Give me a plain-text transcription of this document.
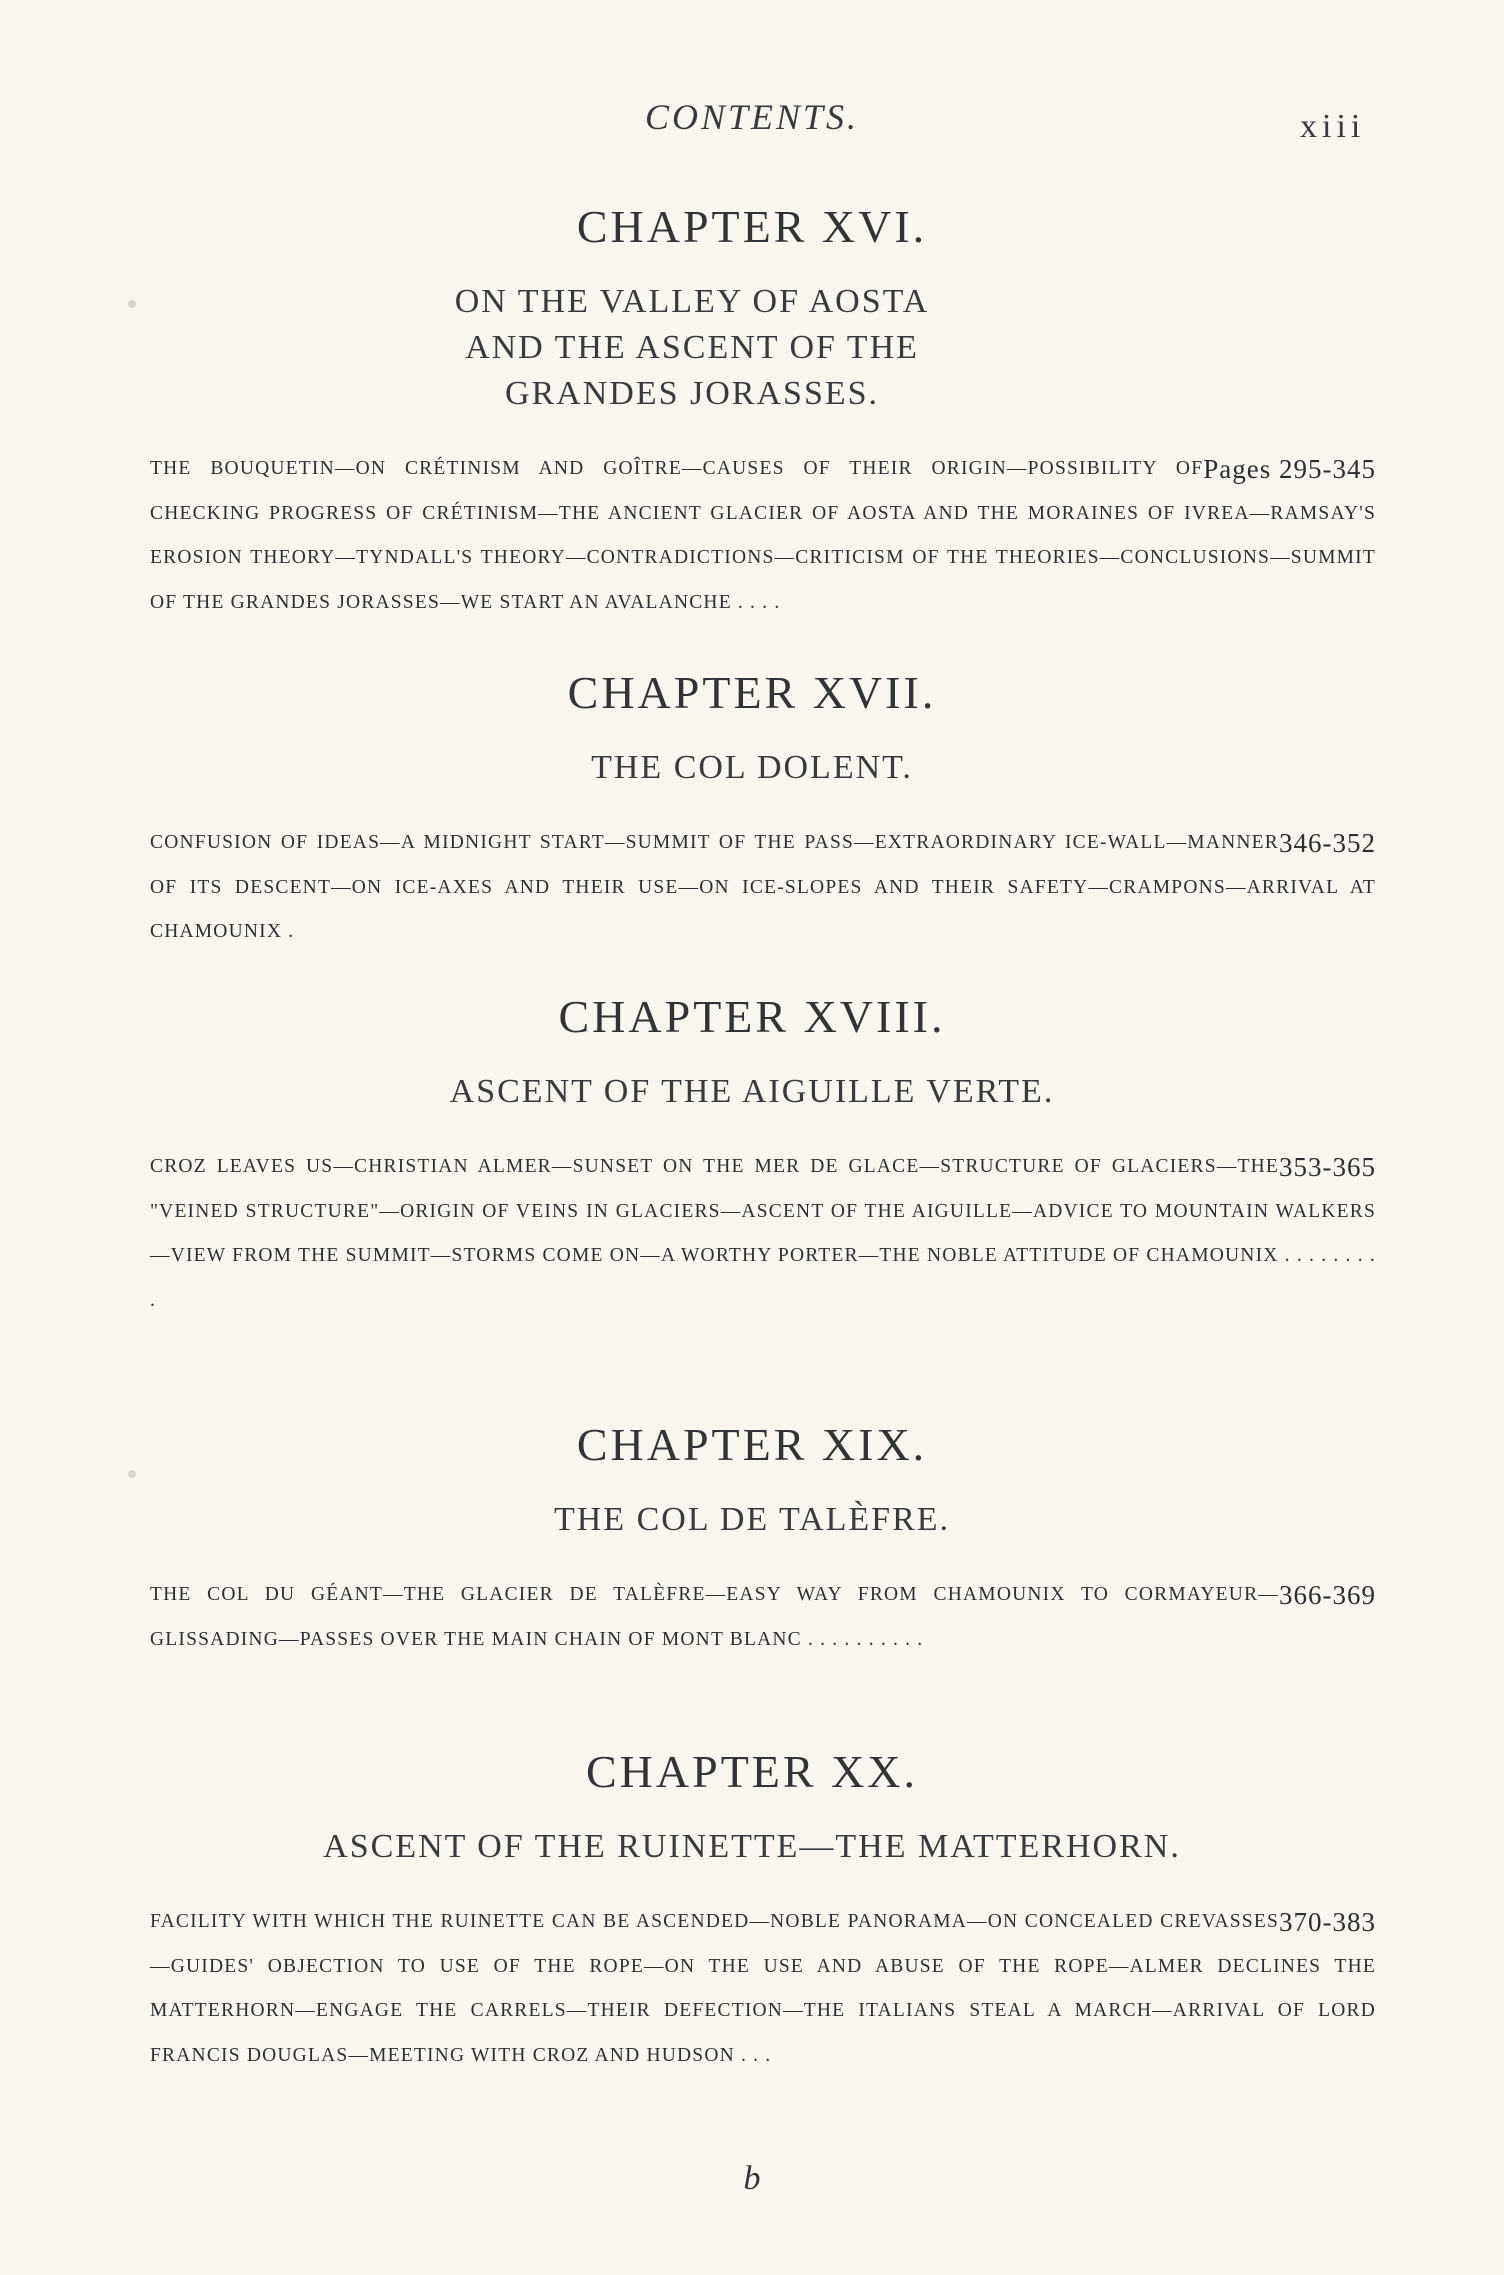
CONTENTS.	xiii
CHAPTER XVI.
ON THE VALLEY OF AOSTA AND THE ASCENT OF THE GRANDES JORASSES.
Pages 295-345
THE BOUQUETIN—ON CRÉTINISM AND GOÎTRE—CAUSES OF THEIR ORIGIN—POSSIBILITY OF CHECKING PROGRESS OF CRÉTINISM—THE ANCIENT GLACIER OF AOSTA AND THE MORAINES OF IVREA—RAMSAY'S EROSION THEORY—TYNDALL'S THEORY—CONTRADICTIONS—CRITICISM OF THE THEORIES—CONCLUSIONS—SUMMIT OF THE GRANDES JORASSES—WE START AN AVALANCHE . . . .
CHAPTER XVII.
THE COL DOLENT.
346-352
CONFUSION OF IDEAS—A MIDNIGHT START—SUMMIT OF THE PASS—EXTRAORDINARY ICE-WALL—MANNER OF ITS DESCENT—ON ICE-AXES AND THEIR USE—ON ICE-SLOPES AND THEIR SAFETY—CRAMPONS—ARRIVAL AT CHAMOUNIX .
CHAPTER XVIII.
ASCENT OF THE AIGUILLE VERTE.
353-365
CROZ LEAVES US—CHRISTIAN ALMER—SUNSET ON THE MER DE GLACE—STRUCTURE OF GLACIERS—THE "VEINED STRUCTURE"—ORIGIN OF VEINS IN GLACIERS—ASCENT OF THE AIGUILLE—ADVICE TO MOUNTAIN WALKERS—VIEW FROM THE SUMMIT—STORMS COME ON—A WORTHY PORTER—THE NOBLE ATTITUDE OF CHAMOUNIX . . . . . . . . .
CHAPTER XIX.
THE COL DE TALÈFRE.
366-369
THE COL DU GÉANT—THE GLACIER DE TALÈFRE—EASY WAY FROM CHAMOUNIX TO CORMAYEUR—GLISSADING—PASSES OVER THE MAIN CHAIN OF MONT BLANC . . . . . . . . . .
CHAPTER XX.
ASCENT OF THE RUINETTE—THE MATTERHORN.
370-383
FACILITY WITH WHICH THE RUINETTE CAN BE ASCENDED—NOBLE PANORAMA—ON CONCEALED CREVASSES—GUIDES' OBJECTION TO USE OF THE ROPE—ON THE USE AND ABUSE OF THE ROPE—ALMER DECLINES THE MATTERHORN—ENGAGE THE CARRELS—THEIR DEFECTION—THE ITALIANS STEAL A MARCH—ARRIVAL OF LORD FRANCIS DOUGLAS—MEETING WITH CROZ AND HUDSON . . .
b
